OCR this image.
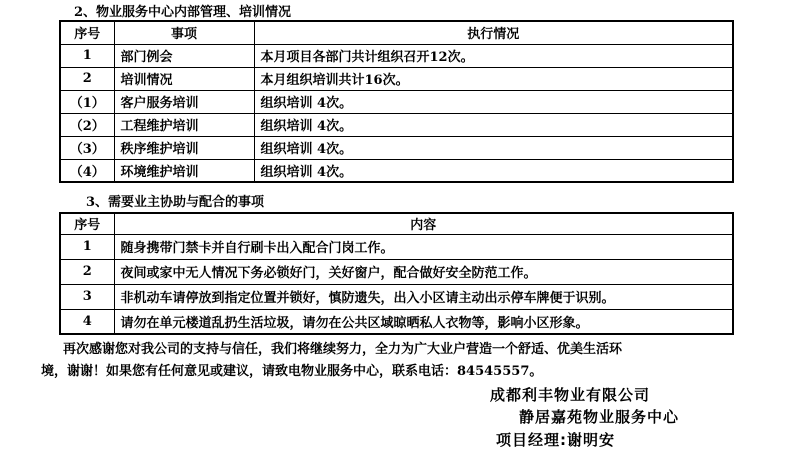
2、物业服务中心内部管理、培训情况
序号	事项	执行情况
1	部门例会	本月项目各部门共计组织召开12次。
2	培训情况	本月组织培训共计16次。
（1）	客户服务培训	组织培训 4次。
（2）	工程维护培训	组织培训 4次。
（3）	秩序维护培训	组织培训 4次。
（4）	环境维护培训	组织培训 4次。
3、需要业主协助与配合的事项
序号	内容
1	随身携带门禁卡并自行刷卡出入配合门岗工作。
2	夜间或家中无人情况下务必锁好门，关好窗户，配合做好安全防范工作。
3	非机动车请停放到指定位置并锁好，慎防遗失，出入小区请主动出示停车牌便于识别。
4	请勿在单元楼道乱扔生活垃圾，请勿在公共区域晾晒私人衣物等，影响小区形象。
再次感谢您对我公司的支持与信任，我们将继续努力，全力为广大业户营造一个舒适、优美生活环
境，谢谢！如果您有任何意见或建议，请致电物业服务中心，联系电话：84545557。
成都利丰物业有限公司
静居嘉苑物业服务中心
项目经理:谢明安
